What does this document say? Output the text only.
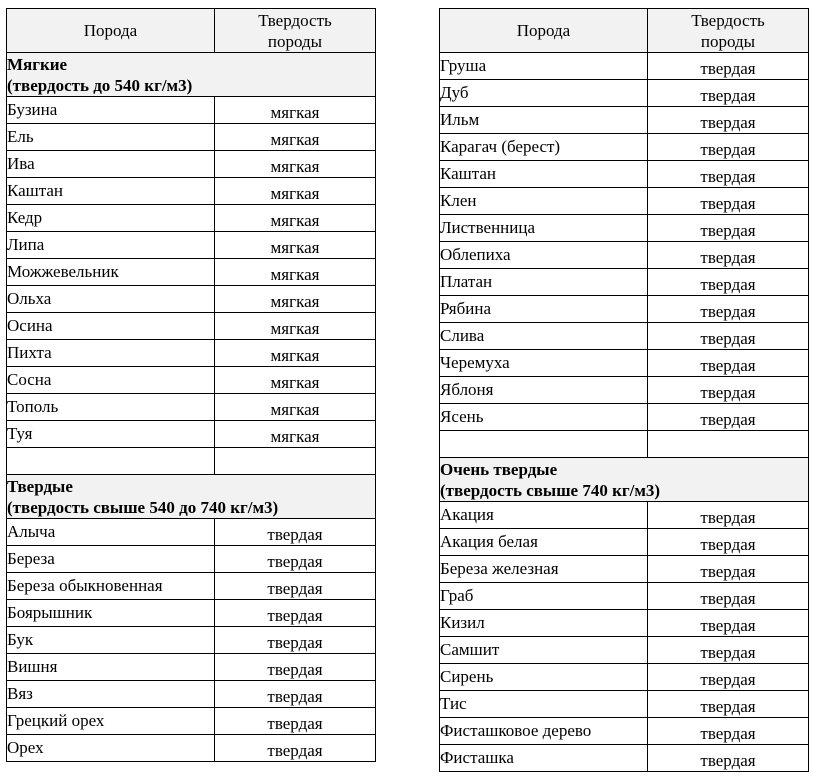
Порода	Твердость
породы

Мягкие
(твердость до 540 кг/м3)	

Бузина	мягкая
Ель	мягкая
Ива	мягкая
Каштан	мягкая
Кедр	мягкая
Липа	мягкая
Можжевельник	мягкая
Ольха	мягкая
Осина	мягкая
Пихта	мягкая
Сосна	мягкая
Тополь	мягкая
Туя	мягкая

Твердые
(твердость свыше 540 до 740 кг/м3)	

Алыча	твердая
Береза	твердая
Береза обыкновенная	твердая
Боярышник	твердая
Бук	твердая
Вишня	твердая
Вяз	твердая
Грецкий орех	твердая
Орех	твердая
Порода	Твердость
породы

Груша	твердая
Дуб	твердая
Ильм	твердая
Карагач (берест)	твердая
Каштан	твердая
Клен	твердая
Лиственница	твердая
Облепиха	твердая
Платан	твердая
Рябина	твердая
Слива	твердая
Черемуха	твердая
Яблоня	твердая
Ясень	твердая

Очень твердые
(твердость свыше 740 кг/м3)	

Акация	твердая
Акация белая	твердая
Береза железная	твердая
Граб	твердая
Кизил	твердая
Самшит	твердая
Сирень	твердая
Тис	твердая
Фисташковое дерево	твердая
Фисташка	твердая
